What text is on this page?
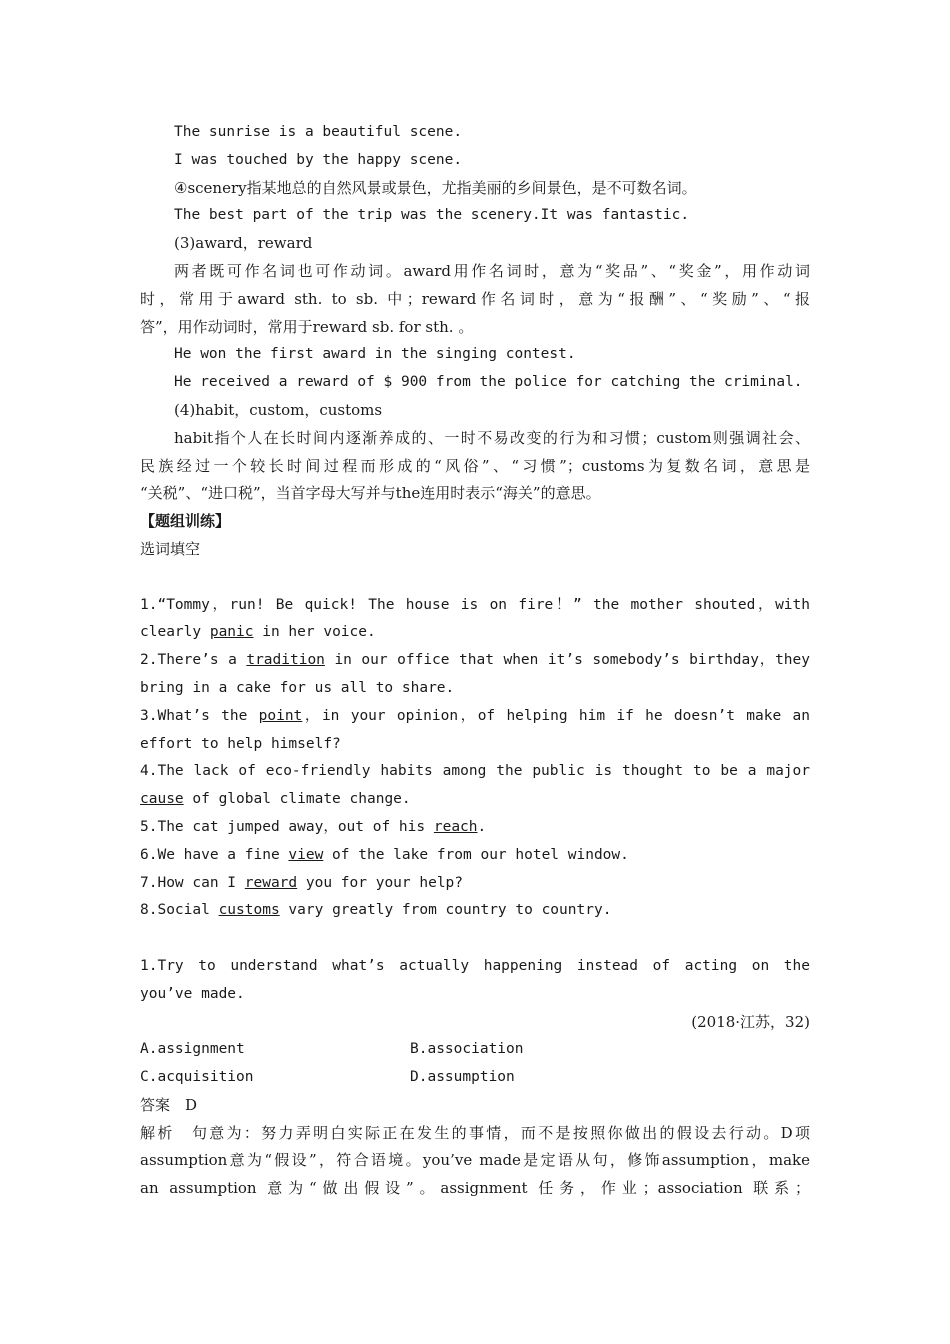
The sunrise is a beautiful scene.
I was touched by the happy scene.
④scenery指某地总的自然风景或景色，尤指美丽的乡间景色，是不可数名词。
The best part of the trip was the scenery.It was fantastic.
(3)award，reward
两者既可作名词也可作动词。award用作名词时，意为“奖品”、“奖金”，用作动词
时，常用于award sth. to sb. 中；reward作名词时，意为“报酬”、“奖励”、“报
答”，用作动词时，常用于reward sb. for sth. 。
He won the first award in the singing contest.
He received a reward of $ 900 from the police for catching the criminal.
(4)habit，custom，customs
habit指个人在长时间内逐渐养成的、一时不易改变的行为和习惯；custom则强调社会、
民族经过一个较长时间过程而形成的“风俗”、“习惯”；customs为复数名词，意思是
“关税”、“进口税”，当首字母大写并与the连用时表示“海关”的意思。
【题组训练】
选词填空
1.“Tommy，run! Be quick! The house is on fire！” the mother shouted，with
clearly panic in her voice.
2.There’s a tradition in our office that when it’s somebody’s birthday，they
bring in a cake for us all to share.
3.What’s the point，in your opinion，of helping him if he doesn’t make an
effort to help himself?
4.The lack of eco-friendly habits among the public is thought to be a major
cause of global climate change.
5.The cat jumped away，out of his reach.
6.We have a fine view of the lake from our hotel window.
7.How can I reward you for your help?
8.Social customs vary greatly from country to country.
1.Try to understand what’s actually happening instead of acting on the
you’ve made.
(2018·江苏，32)
A.assignment	B.association
C.acquisition	D.assumption
答案　D
解析　句意为：努力弄明白实际正在发生的事情，而不是按照你做出的假设去行动。D项
assumption意为“假设”，符合语境。you’ve made是定语从句，修饰assumption，make
an assumption 意为“做出假设”。assignment 任务，作业；association 联系；
